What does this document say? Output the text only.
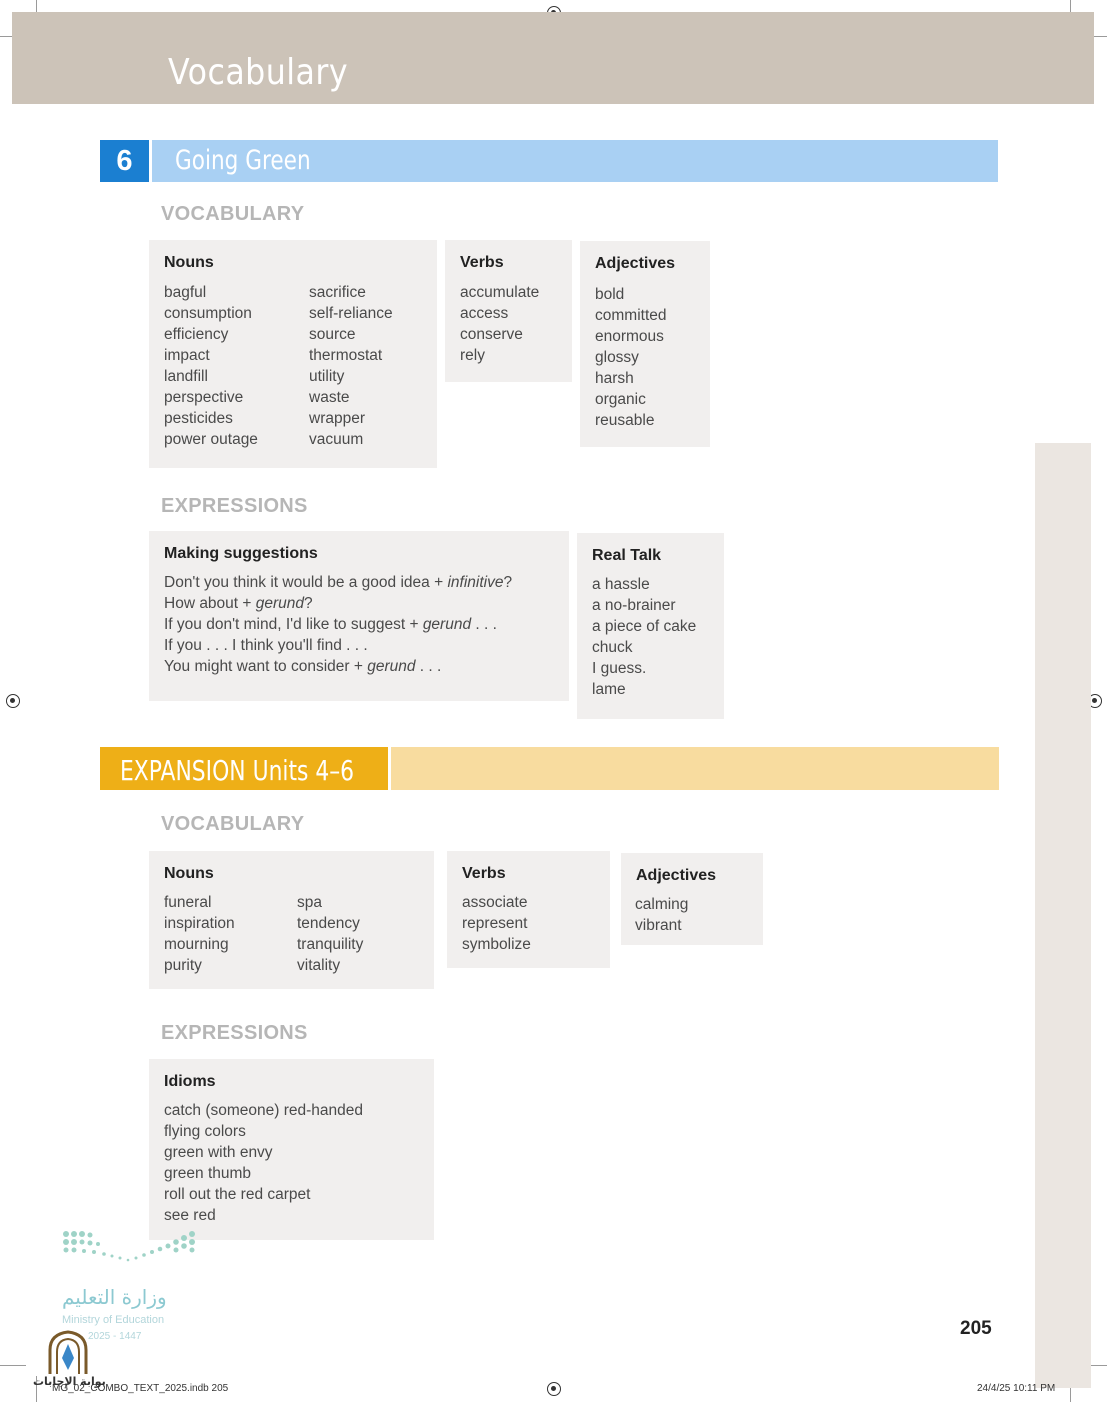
Vocabulary
6	Going Green
VOCABULARY
Nouns
bagful
consumption
efficiency
impact
landfill
perspective
pesticides
power outage
sacrifice
self-reliance
source
thermostat
utility
waste
wrapper
vacuum
Verbs
accumulate
access
conserve
rely
Adjectives
bold
committed
enormous
glossy
harsh
organic
reusable
EXPRESSIONS
Making suggestions
Don't you think it would be a good idea + infinitive?
How about + gerund?
If you don't mind, I'd like to suggest + gerund . . .
If you . . . I think you'll find . . .
You might want to consider + gerund . . .
Real Talk
a hassle
a no-brainer
a piece of cake
chuck
I guess.
lame
EXPANSION Units 4–6
VOCABULARY
Nouns
funeral
inspiration
mourning
purity
spa
tendency
tranquility
vitality
Verbs
associate
represent
symbolize
Adjectives
calming
vibrant
EXPRESSIONS
Idioms
catch (someone) red-handed
flying colors
green with envy
green thumb
roll out the red carpet
see red
وزارة التعليم
Ministry of Education
2025 - 1447
بوابة الإجابات
205
MG_02_COMBO_TEXT_2025.indb 205	24/4/25 10:11 PM
